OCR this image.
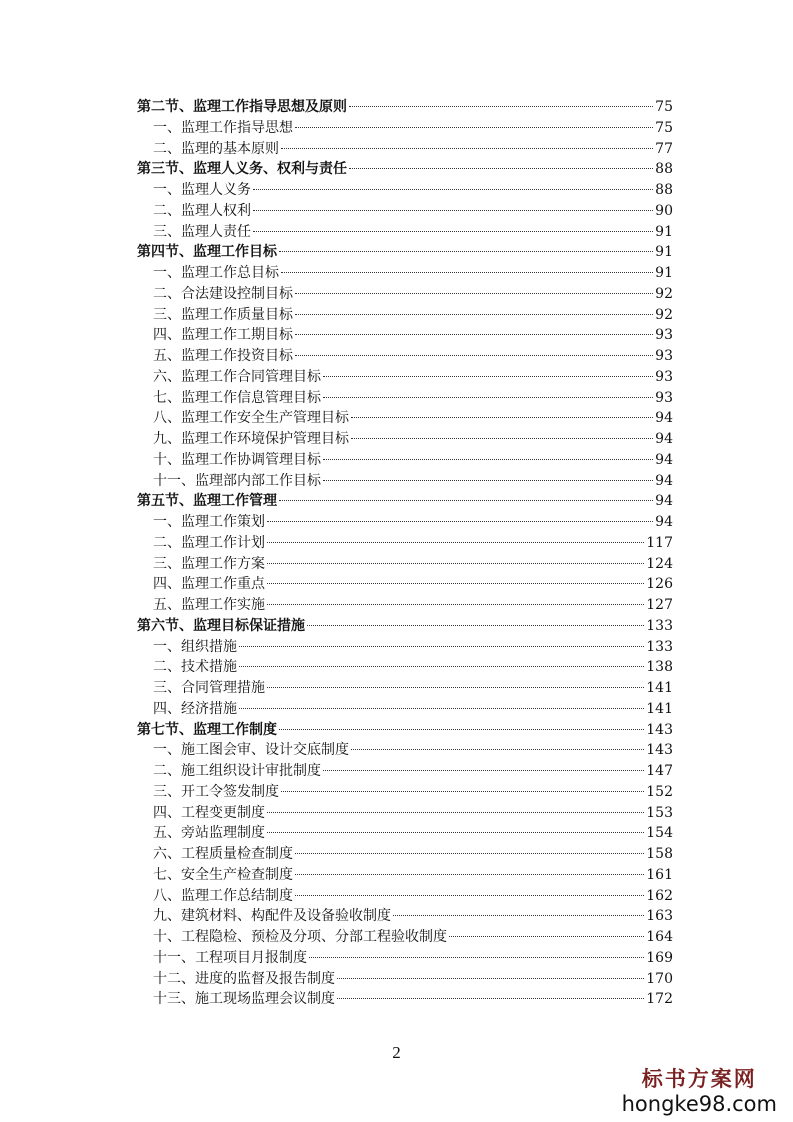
第二节、监理工作指导思想及原则	75
一、监理工作指导思想	75
二、监理的基本原则	77
第三节、监理人义务、权利与责任	88
一、监理人义务	88
二、监理人权利	90
三、监理人责任	91
第四节、监理工作目标	91
一、监理工作总目标	91
二、合法建设控制目标	92
三、监理工作质量目标	92
四、监理工作工期目标	93
五、监理工作投资目标	93
六、监理工作合同管理目标	93
七、监理工作信息管理目标	93
八、监理工作安全生产管理目标	94
九、监理工作环境保护管理目标	94
十、监理工作协调管理目标	94
十一、监理部内部工作目标	94
第五节、监理工作管理	94
一、监理工作策划	94
二、监理工作计划	117
三、监理工作方案	124
四、监理工作重点	126
五、监理工作实施	127
第六节、监理目标保证措施	133
一、组织措施	133
二、技术措施	138
三、合同管理措施	141
四、经济措施	141
第七节、监理工作制度	143
一、施工图会审、设计交底制度	143
二、施工组织设计审批制度	147
三、开工令签发制度	152
四、工程变更制度	153
五、旁站监理制度	154
六、工程质量检查制度	158
七、安全生产检查制度	161
八、监理工作总结制度	162
九、建筑材料、构配件及设备验收制度	163
十、工程隐检、预检及分项、分部工程验收制度	164
十一、工程项目月报制度	169
十二、进度的监督及报告制度	170
十三、施工现场监理会议制度	172
2
标书方案网
hongke98.com
